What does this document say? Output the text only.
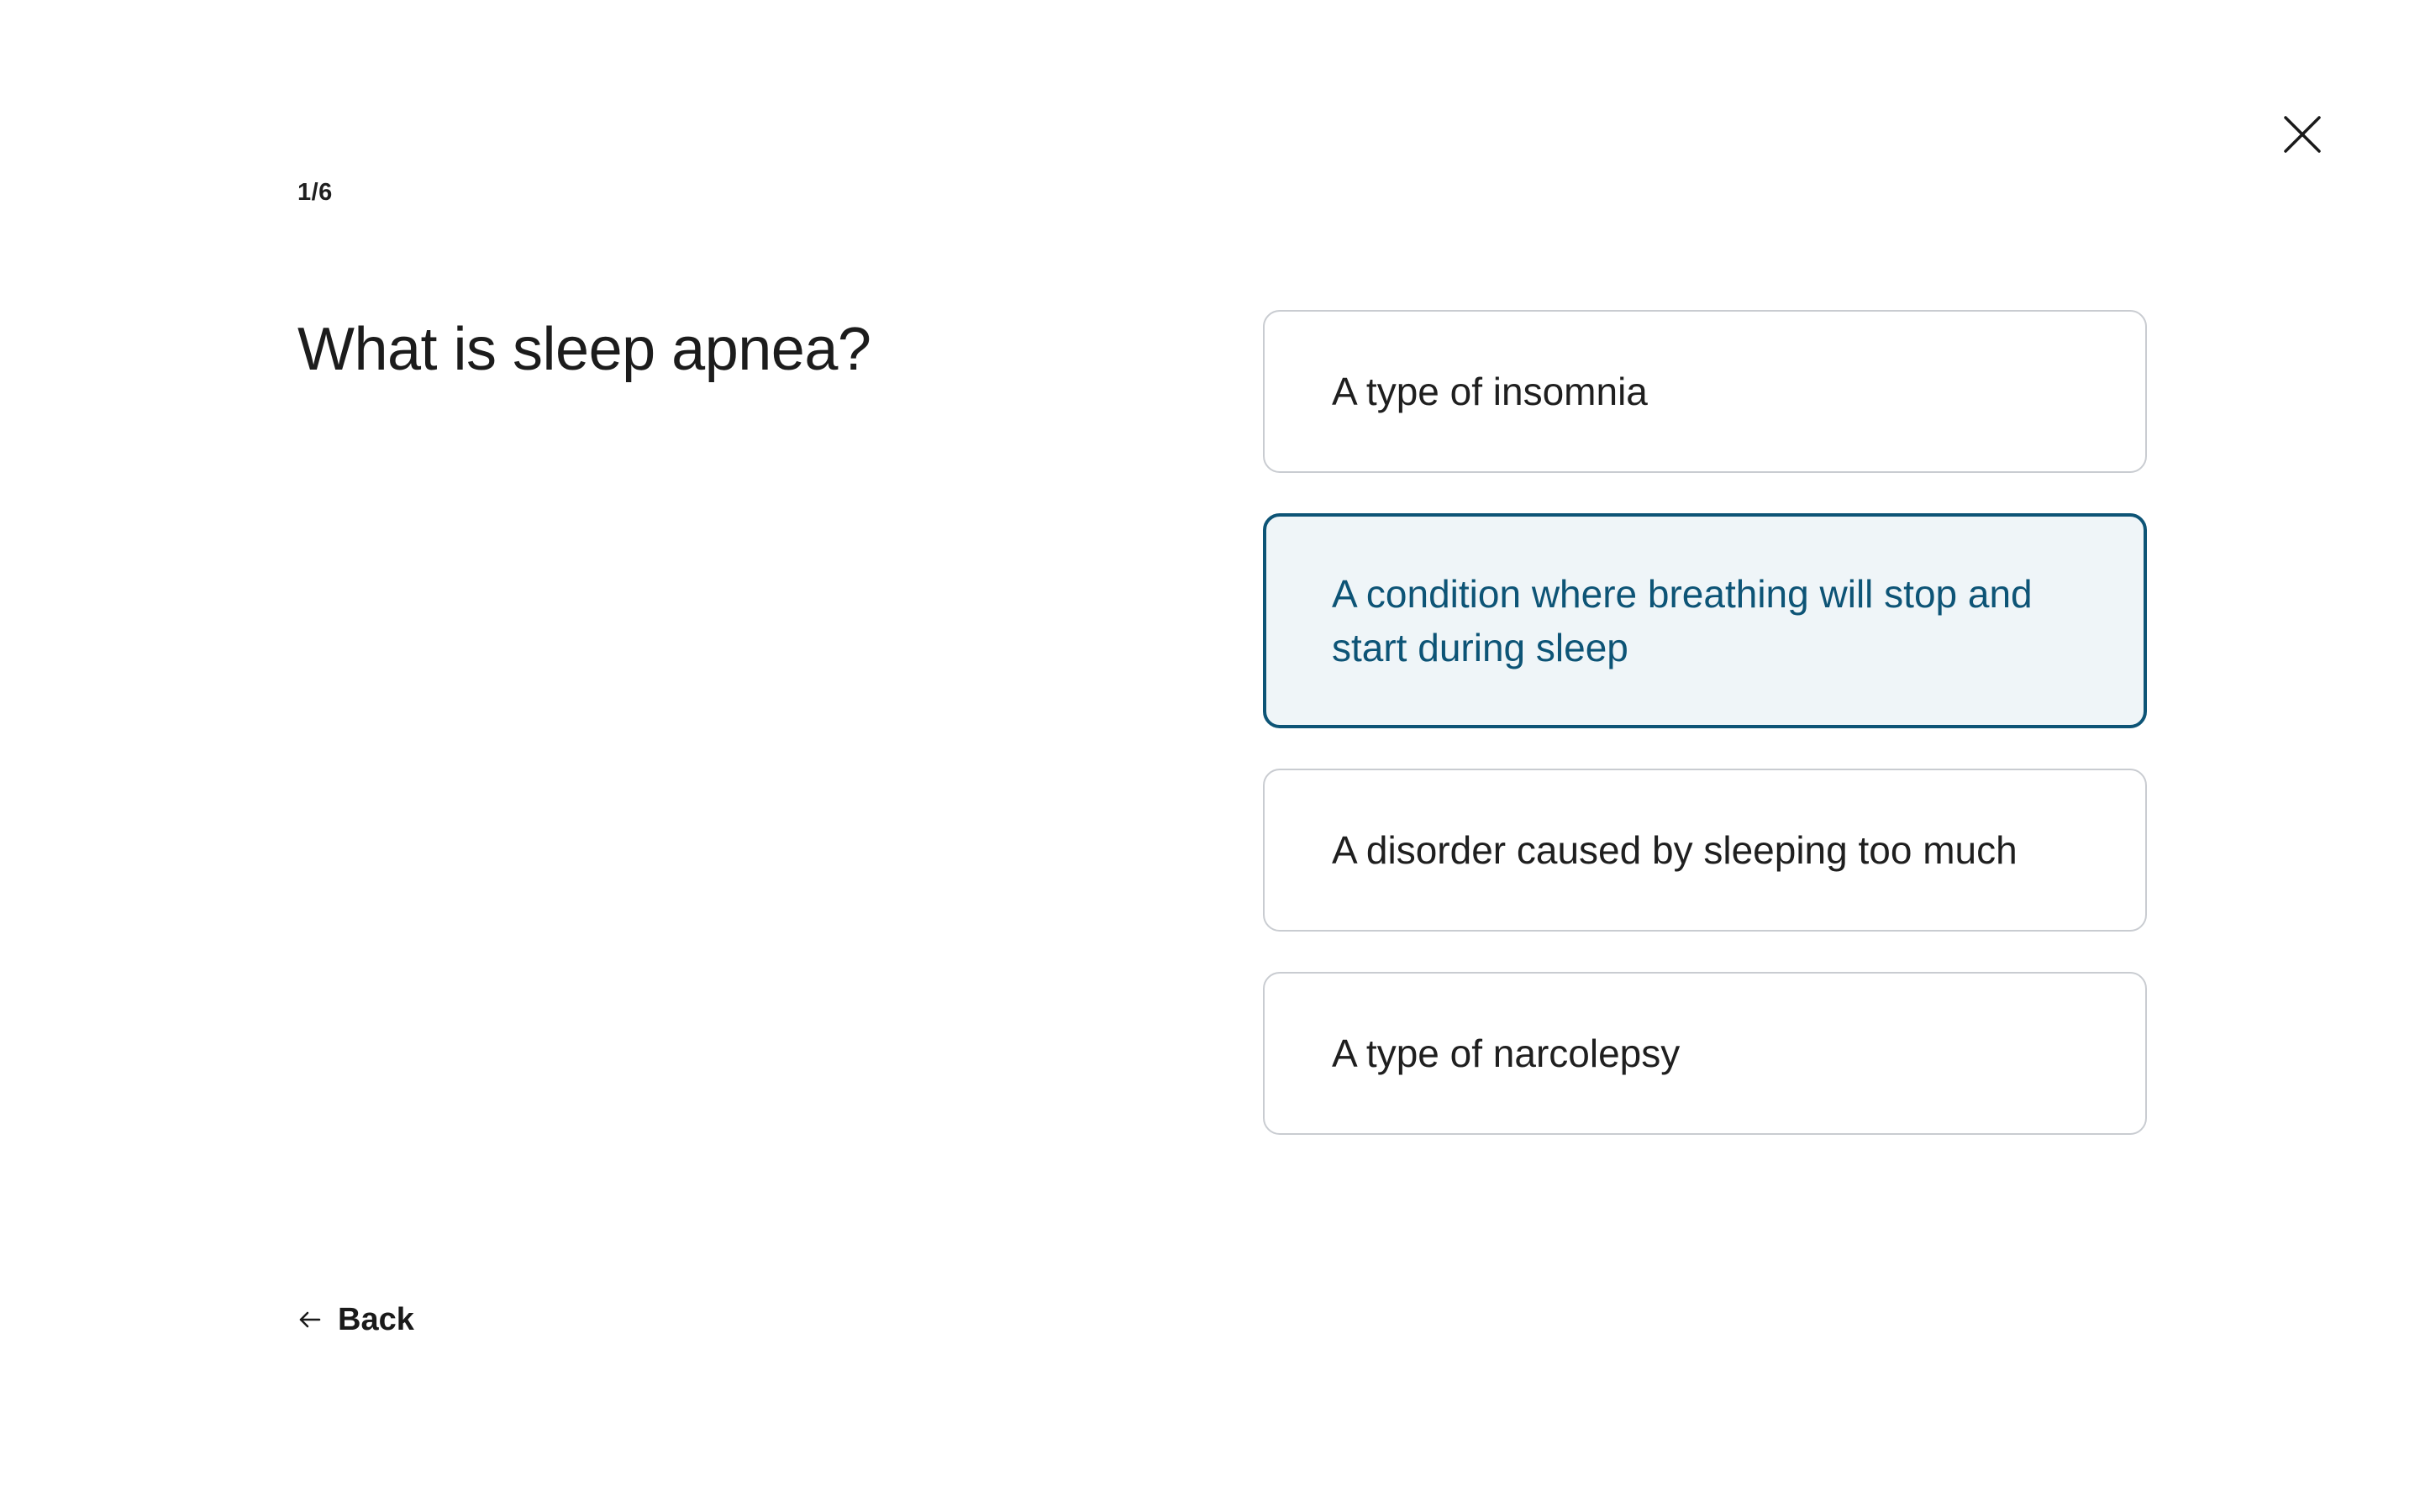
1/6
What is sleep apnea?
A type of insomnia
A condition where breathing will stop and start during sleep
A disorder caused by sleeping too much
A type of narcolepsy
Back
